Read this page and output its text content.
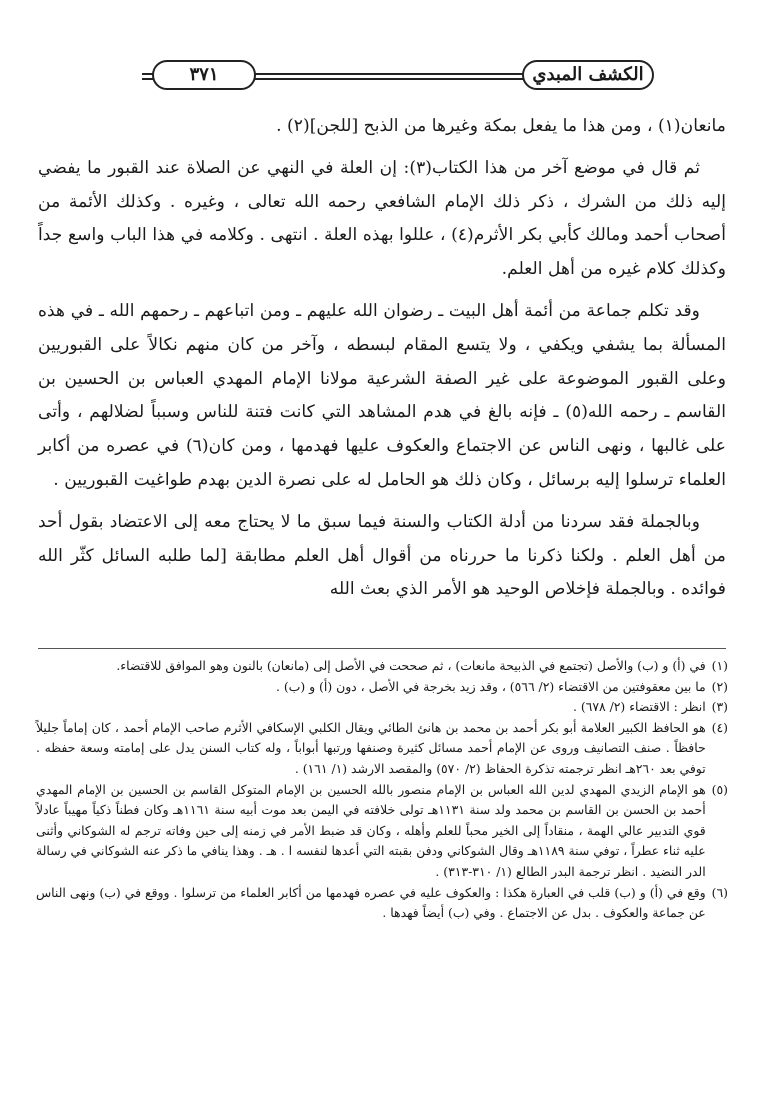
الكشف المبدي
٣٧١

مانعان(١) ، ومن هذا ما يفعل بمكة وغيرها من الذبح [للجن](٢) .

ثم قال في موضع آخر من هذا الكتاب(٣): إن العلة في النهي عن الصلاة عند القبور ما يفضي إليه ذلك من الشرك ، ذكر ذلك الإمام الشافعي رحمه الله تعالى ، وغيره . وكذلك الأئمة من أصحاب أحمد ومالك كأبي بكر الأثرم(٤) ، عللوا بهذه العلة . انتهى . وكلامه في هذا الباب واسع جداً وكذلك كلام غيره من أهل العلم.

وقد تكلم جماعة من أئمة أهل البيت ـ رضوان الله عليهم ـ ومن اتباعهم ـ رحمهم الله ـ في هذه المسألة بما يشفي ويكفي ، ولا يتسع المقام لبسطه ، وآخر من كان منهم نكالاً على القبوريين وعلى القبور الموضوعة على غير الصفة الشرعية مولانا الإمام المهدي العباس بن الحسين بن القاسم ـ رحمه الله(٥) ـ فإنه بالغ في هدم المشاهد التي كانت فتنة للناس وسبباً لضلالهم ، وأتى على غالبها ، ونهى الناس عن الاجتماع والعكوف عليها فهدمها ، ومن كان(٦) في عصره من أكابر العلماء ترسلوا إليه برسائل ، وكان ذلك هو الحامل له على نصرة الدين بهدم طواغيت القبوريين .

وبالجملة فقد سردنا من أدلة الكتاب والسنة فيما سبق ما لا يحتاج معه إلى الاعتضاد بقول أحد من أهل العلم . ولكنا ذكرنا ما حررناه من أقوال أهل العلم مطابقة [لما طلبه السائل كثّر الله فوائده . وبالجملة فإخلاص الوحيد هو الأمر الذي بعث الله

(١)
في (أ) و (ب) والأصل (تجتمع في الذبيحة مانعات) ، ثم صححت في الأصل إلى (مانعان) بالنون وهو الموافق للاقتضاء.
(٢)
ما بين معقوفتين من الاقتضاء (٢/ ٥٦٦) ، وقد زيد بخرجة في الأصل ، دون (أ) و (ب) .
(٣)
انظر : الاقتضاء (٢/ ٦٧٨) .
(٤)
هو الحافظ الكبير العلامة أبو بكر أحمد بن محمد بن هانئ الطائي ويقال الكلبي الإسكافي الأثرم صاحب الإمام أحمد ، كان إماماً جليلاً حافظاً . صنف التصانيف وروى عن الإمام أحمد مسائل كثيرة وصنفها ورتبها أبواباً ، وله كتاب السنن يدل على إمامته وسعة حفظه . توفي بعد ٢٦٠هـ انظر ترجمته تذكرة الحفاظ (٢/ ٥٧٠) والمقصد الارشد (١/ ١٦١) .
(٥)
هو الإمام الزيدي المهدي لدين الله العباس بن الإمام منصور بالله الحسين بن الإمام المتوكل القاسم بن الحسين بن الإمام المهدي أحمد بن الحسن بن القاسم بن محمد ولد سنة ١١٣١هـ تولى خلافته في اليمن بعد موت أبيه سنة ١١٦١هـ وكان فطناً ذكياً مهيباً عادلاً قوي التدبير عالي الهمة ، منقاداً إلى الخير محباً للعلم وأهله ، وكان قد ضبط الأمر في زمنه إلى حين وفاته ترجم له الشوكاني وأثنى عليه ثناء عطراً ، توفي سنة ١١٨٩هـ وقال الشوكاني ودفن بقبته التي أعدها لنفسه ا . هـ . وهذا ينافي ما ذكر عنه الشوكاني في رسالة الدر النضيد . انظر ترجمة البدر الطالع (١/ ٣١٠-٣١٣) .
(٦)
وقع في (أ) و (ب) قلب في العبارة هكذا : والعكوف عليه في عصره فهدمها من أكابر العلماء من ترسلوا . ووقع في (ب) ونهى الناس عن جماعة والعكوف . بدل عن الاجتماع . وفي (ب) أيضاً فهدها .
